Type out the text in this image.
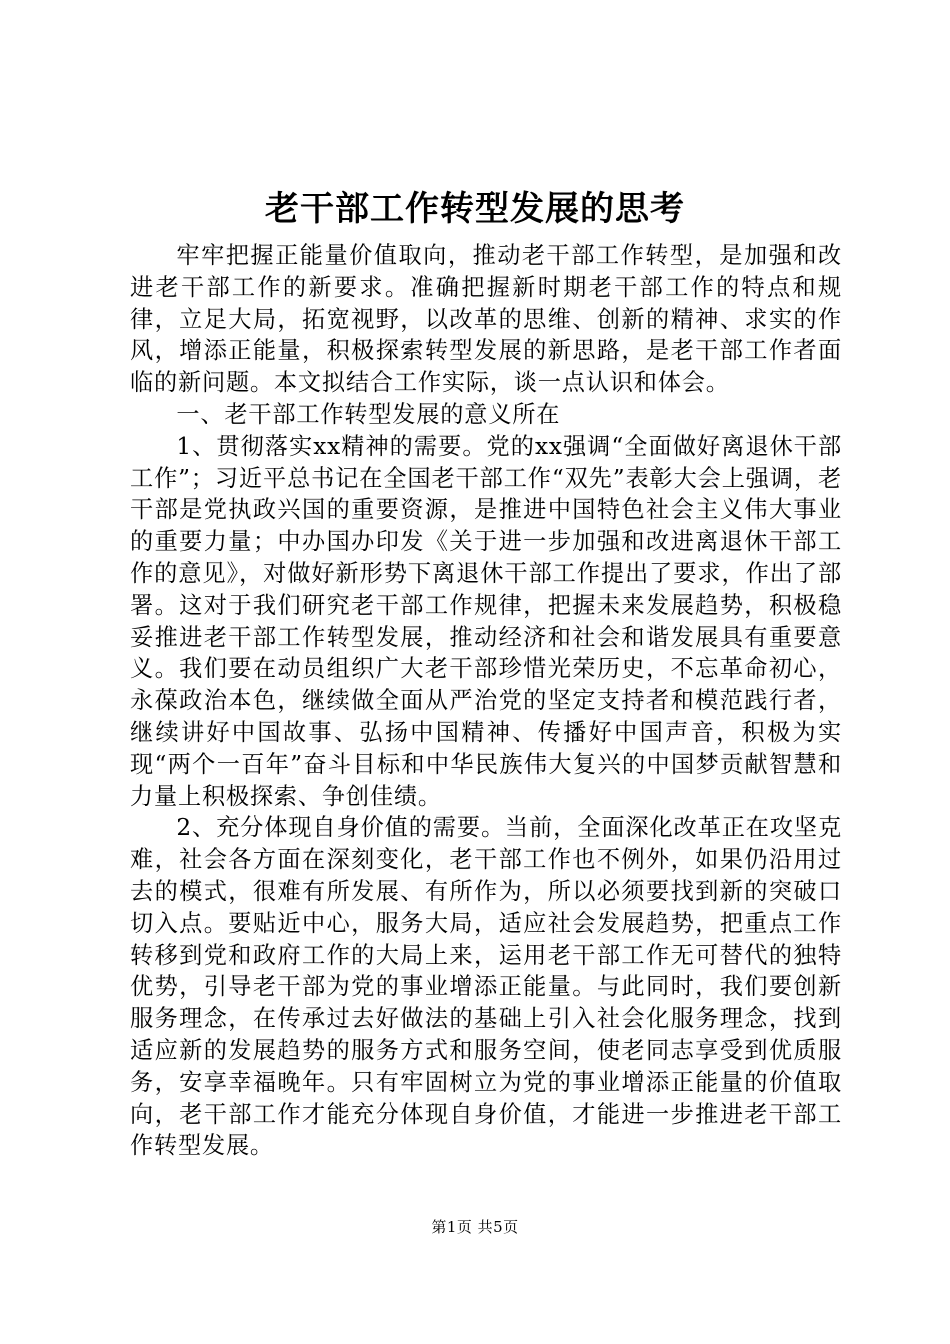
老干部工作转型发展的思考

牢牢把握正能量价值取向，推动老干部工作转型，是加强和改进老干部工作的新要求。准确把握新时期老干部工作的特点和规律，立足大局，拓宽视野，以改革的思维、创新的精神、求实的作风，增添正能量，积极探索转型发展的新思路，是老干部工作者面临的新问题。本文拟结合工作实际，谈一点认识和体会。

一、老干部工作转型发展的意义所在

1、贯彻落实xx精神的需要。党的xx强调“全面做好离退休干部工作”；习近平总书记在全国老干部工作“双先”表彰大会上强调，老干部是党执政兴国的重要资源，是推进中国特色社会主义伟大事业的重要力量；中办国办印发《关于进一步加强和改进离退休干部工作的意见》，对做好新形势下离退休干部工作提出了要求，作出了部署。这对于我们研究老干部工作规律，把握未来发展趋势，积极稳妥推进老干部工作转型发展，推动经济和社会和谐发展具有重要意义。我们要在动员组织广大老干部珍惜光荣历史，不忘革命初心，永葆政治本色，继续做全面从严治党的坚定支持者和模范践行者，继续讲好中国故事、弘扬中国精神、传播好中国声音，积极为实现“两个一百年”奋斗目标和中华民族伟大复兴的中国梦贡献智慧和力量上积极探索、争创佳绩。

2、充分体现自身价值的需要。当前，全面深化改革正在攻坚克难，社会各方面在深刻变化，老干部工作也不例外，如果仍沿用过去的模式，很难有所发展、有所作为，所以必须要找到新的突破口切入点。要贴近中心，服务大局，适应社会发展趋势，把重点工作转移到党和政府工作的大局上来，运用老干部工作无可替代的独特优势，引导老干部为党的事业增添正能量。与此同时，我们要创新服务理念，在传承过去好做法的基础上引入社会化服务理念，找到适应新的发展趋势的服务方式和服务空间，使老同志享受到优质服务，安享幸福晚年。只有牢固树立为党的事业增添正能量的价值取向，老干部工作才能充分体现自身价值，才能进一步推进老干部工作转型发展。

第1页 共5页
